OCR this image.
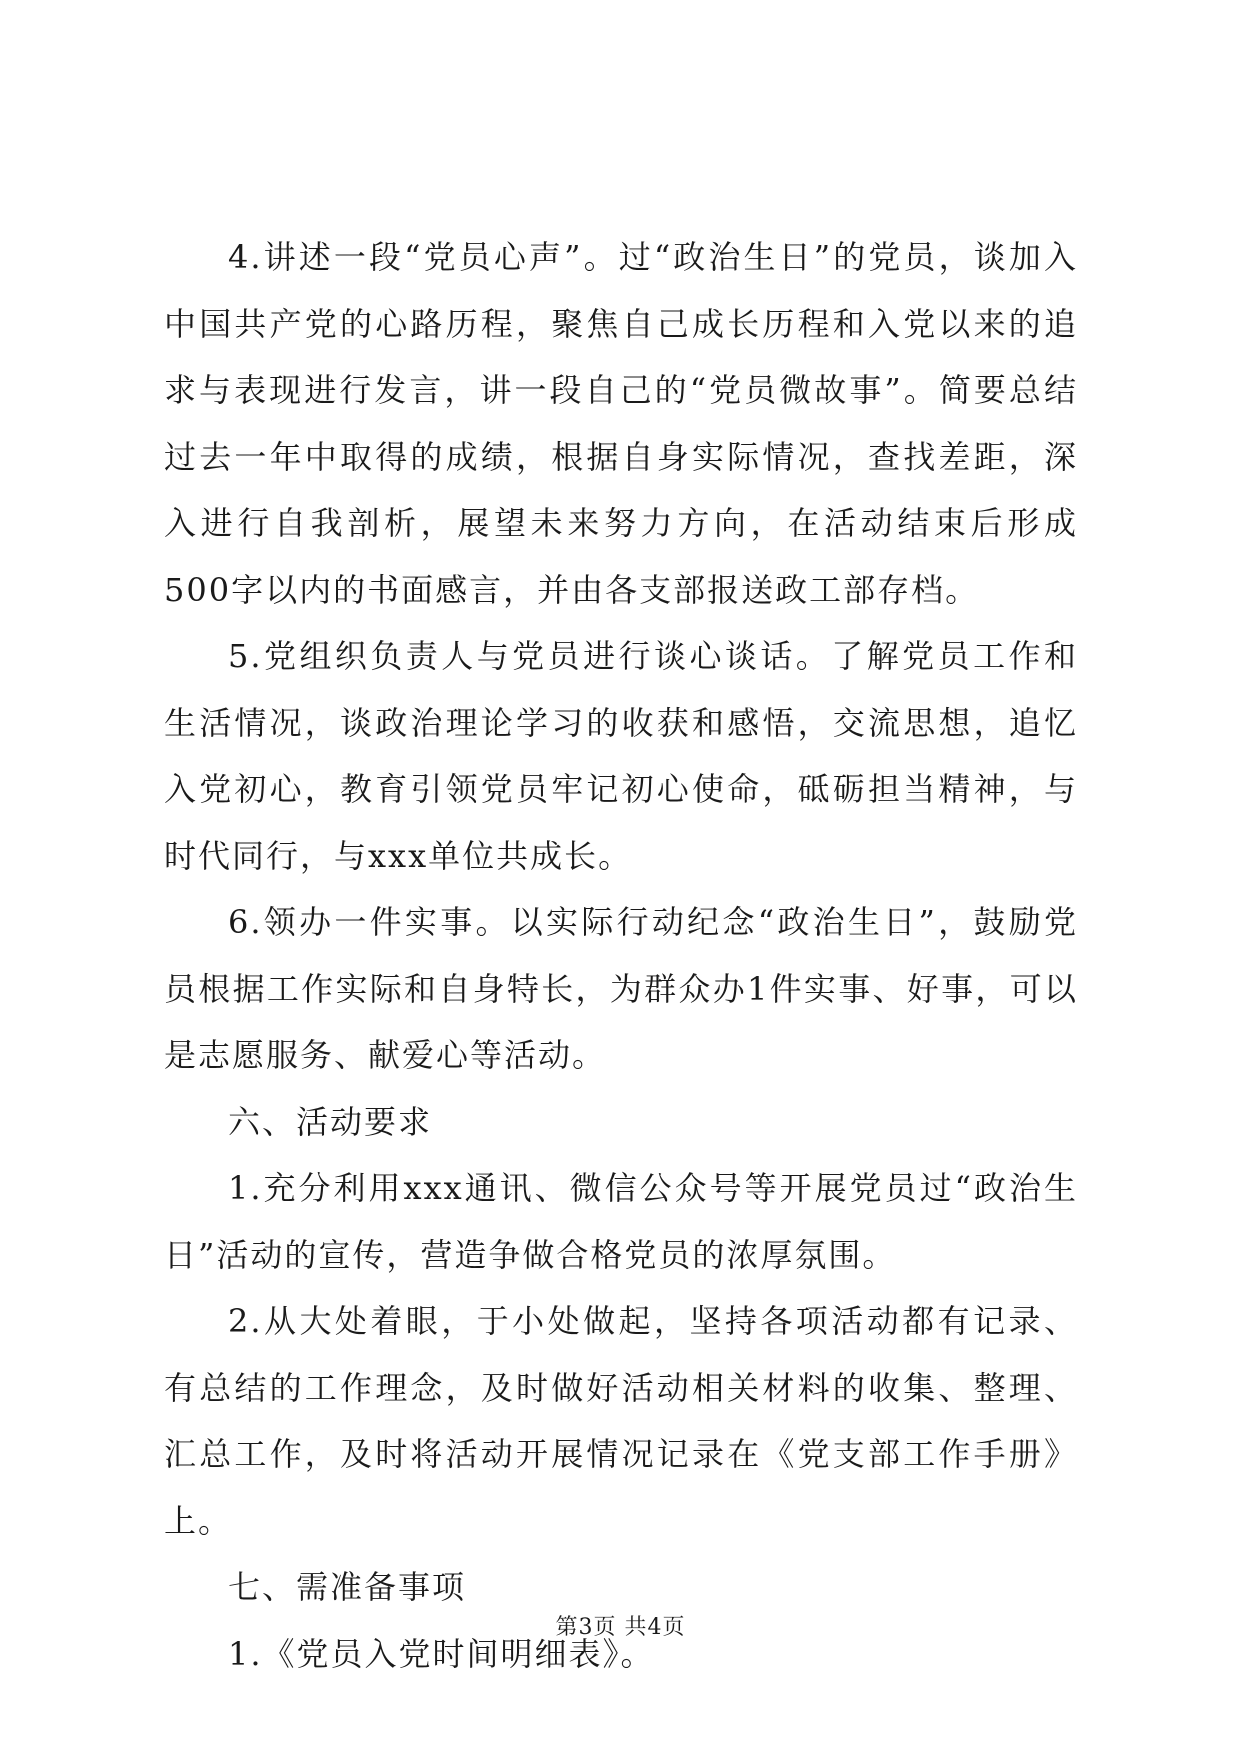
4.讲述一段“党员心声”。过“政治生日”的党员，谈加入中国共产党的心路历程，聚焦自己成长历程和入党以来的追求与表现进行发言，讲一段自己的“党员微故事”。简要总结过去一年中取得的成绩，根据自身实际情况，查找差距，深入进行自我剖析，展望未来努力方向，在活动结束后形成500字以内的书面感言，并由各支部报送政工部存档。

5.党组织负责人与党员进行谈心谈话。了解党员工作和生活情况，谈政治理论学习的收获和感悟，交流思想，追忆入党初心，教育引领党员牢记初心使命，砥砺担当精神，与时代同行，与xxx单位共成长。

6.领办一件实事。以实际行动纪念“政治生日”，鼓励党员根据工作实际和自身特长，为群众办1件实事、好事，可以是志愿服务、献爱心等活动。

六、活动要求

1.充分利用xxx通讯、微信公众号等开展党员过“政治生日”活动的宣传，营造争做合格党员的浓厚氛围。

2.从大处着眼，于小处做起，坚持各项活动都有记录、有总结的工作理念，及时做好活动相关材料的收集、整理、汇总工作，及时将活动开展情况记录在《党支部工作手册》上。

七、需准备事项

1.《党员入党时间明细表》。

第3页 共4页
